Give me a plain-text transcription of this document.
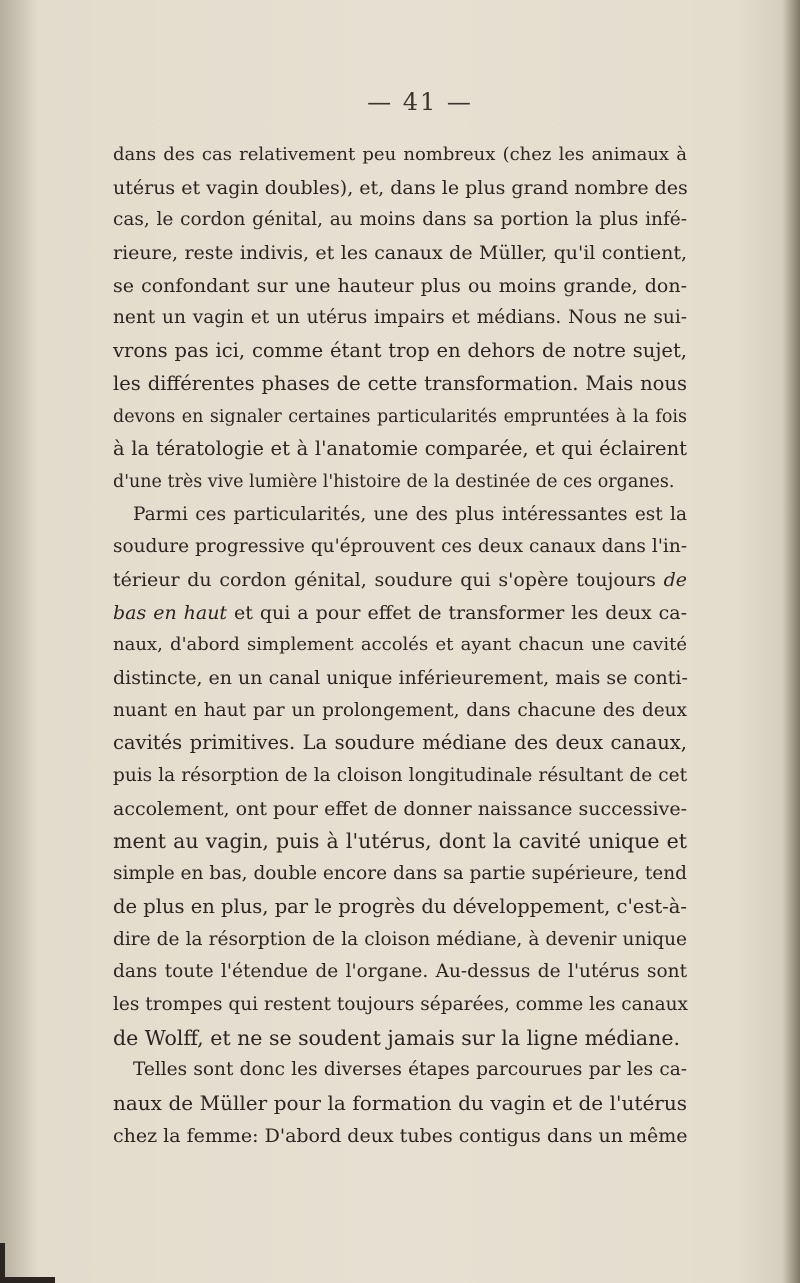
— 41 —
dans des cas relativement peu nombreux (chez les animaux à
utérus et vagin doubles), et, dans le plus grand nombre des
cas, le cordon génital, au moins dans sa portion la plus infé-
rieure, reste indivis, et les canaux de Müller, qu'il contient,
se confondant sur une hauteur plus ou moins grande, don-
nent un vagin et un utérus impairs et médians. Nous ne sui-
vrons pas ici, comme étant trop en dehors de notre sujet,
les différentes phases de cette transformation. Mais nous
devons en signaler certaines particularités empruntées à la fois
à la tératologie et à l'anatomie comparée, et qui éclairent
d'une très vive lumière l'histoire de la destinée de ces organes.
Parmi ces particularités, une des plus intéressantes est la
soudure progressive qu'éprouvent ces deux canaux dans l'in-
térieur du cordon génital, soudure qui s'opère toujours de
bas en haut et qui a pour effet de transformer les deux ca-
naux, d'abord simplement accolés et ayant chacun une cavité
distincte, en un canal unique inférieurement, mais se conti-
nuant en haut par un prolongement, dans chacune des deux
cavités primitives. La soudure médiane des deux canaux,
puis la résorption de la cloison longitudinale résultant de cet
accolement, ont pour effet de donner naissance successive-
ment au vagin, puis à l'utérus, dont la cavité unique et
simple en bas, double encore dans sa partie supérieure, tend
de plus en plus, par le progrès du développement, c'est-à-
dire de la résorption de la cloison médiane, à devenir unique
dans toute l'étendue de l'organe. Au-dessus de l'utérus sont
les trompes qui restent toujours séparées, comme les canaux
de Wolff, et ne se soudent jamais sur la ligne médiane.
Telles sont donc les diverses étapes parcourues par les ca-
naux de Müller pour la formation du vagin et de l'utérus
chez la femme: D'abord deux tubes contigus dans un même
